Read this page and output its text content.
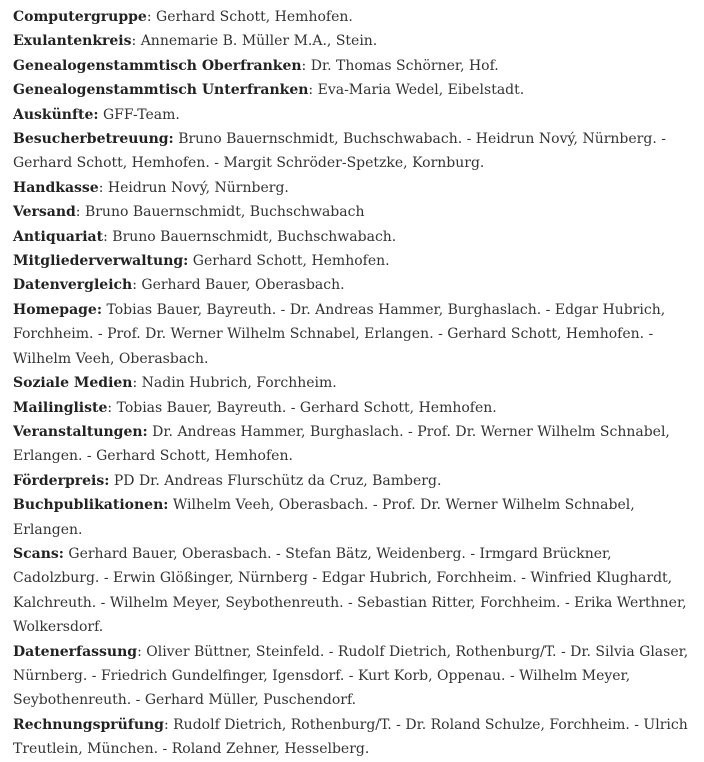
Computergruppe: Gerhard Schott, Hemhofen.

Exulantenkreis: Annemarie B. Müller M.A., Stein.

Genealogenstammtisch Oberfranken: Dr. Thomas Schörner, Hof.

Genealogenstammtisch Unterfranken: Eva-Maria Wedel, Eibelstadt.

Auskünfte: GFF-Team.

Besucherbetreuung: Bruno Bauernschmidt, Buchschwabach. - Heidrun Nový, Nürnberg. - Gerhard Schott, Hemhofen. - Margit Schröder-Spetzke, Kornburg.

Handkasse: Heidrun Nový, Nürnberg.

Versand: Bruno Bauernschmidt, Buchschwabach

Antiquariat: Bruno Bauernschmidt, Buchschwabach.

Mitgliederverwaltung: Gerhard Schott, Hemhofen.

Datenvergleich: Gerhard Bauer, Oberasbach.

Homepage: Tobias Bauer, Bayreuth. - Dr. Andreas Hammer, Burghaslach. - Edgar Hubrich, Forchheim. - Prof. Dr. Werner Wilhelm Schnabel, Erlangen. - Gerhard Schott, Hemhofen. - Wilhelm Veeh, Oberasbach.

Soziale Medien: Nadin Hubrich, Forchheim.

Mailingliste: Tobias Bauer, Bayreuth. - Gerhard Schott, Hemhofen.

Veranstaltungen: Dr. Andreas Hammer, Burghaslach. - Prof. Dr. Werner Wilhelm Schnabel, Erlangen. - Gerhard Schott, Hemhofen.

Förderpreis: PD Dr. Andreas Flurschütz da Cruz, Bamberg.

Buchpublikationen: Wilhelm Veeh, Oberasbach. - Prof. Dr. Werner Wilhelm Schnabel, Erlangen.

Scans: Gerhard Bauer, Oberasbach. - Stefan Bätz, Weidenberg. - Irmgard Brückner, Cadolzburg. - Erwin Glößinger, Nürnberg - Edgar Hubrich, Forchheim. - Winfried Klughardt, Kalchreuth. - Wilhelm Meyer, Seybothenreuth. - Sebastian Ritter, Forchheim. - Erika Werthner, Wolkersdorf.

Datenerfassung: Oliver Büttner, Steinfeld. - Rudolf Dietrich, Rothenburg/T. - Dr. Silvia Glaser, Nürnberg. - Friedrich Gundelfinger, Igensdorf. - Kurt Korb, Oppenau. - Wilhelm Meyer, Seybothenreuth. - Gerhard Müller, Puschendorf.

Rechnungsprüfung: Rudolf Dietrich, Rothenburg/T. - Dr. Roland Schulze, Forchheim. - Ulrich Treutlein, München. - Roland Zehner, Hesselberg.
